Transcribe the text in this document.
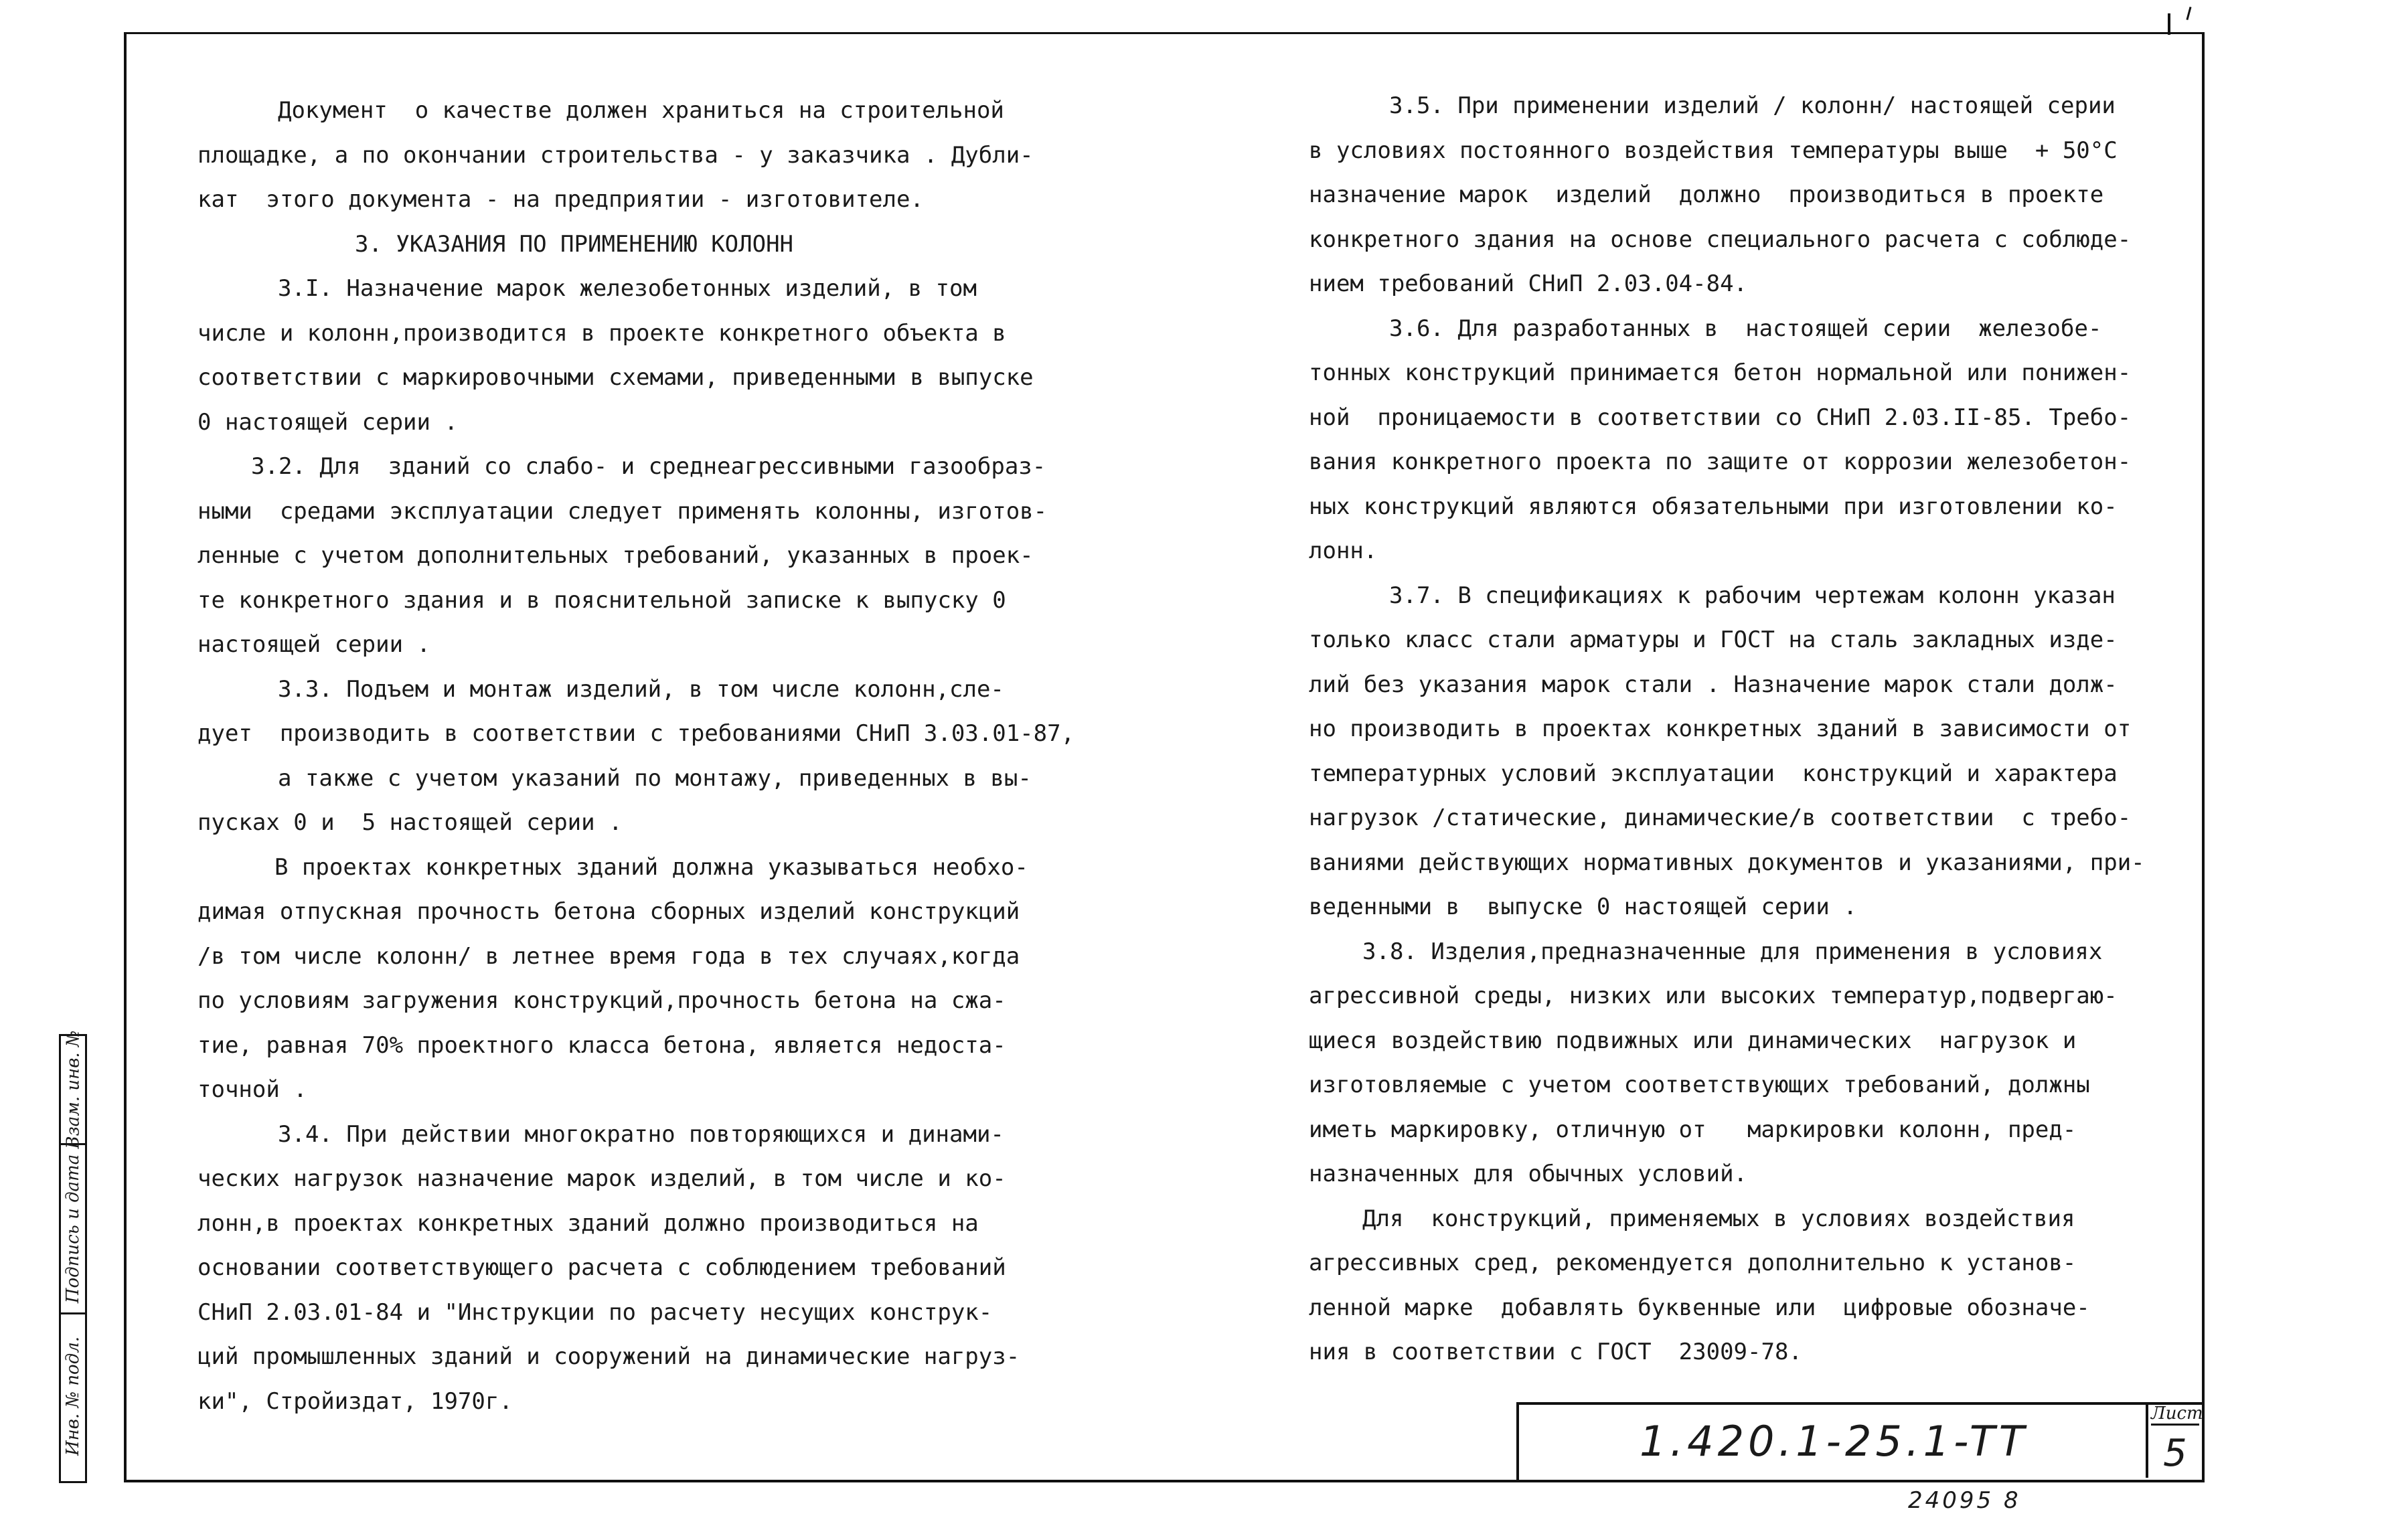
Документ  о качестве должен храниться на строительной
площадке, а по окончании строительства - у заказчика . Дубли-
кат  этого документа - на предприятии - изготовителе.
3. УКАЗАНИЯ ПО ПРИМЕНЕНИЮ КОЛОНН
3.I. Назначение марок железобетонных изделий, в том
числе и колонн,производится в проекте конкретного объекта в
соответствии с маркировочными схемами, приведенными в выпуске
0 настоящей серии .
3.2. Для  зданий со слабо- и среднеагрессивными газообраз-
ными  средами эксплуатации следует применять колонны, изготов-
ленные с учетом дополнительных требований, указанных в проек-
те конкретного здания и в пояснительной записке к выпуску 0
настоящей серии .
3.3. Подъем и монтаж изделий, в том числе колонн,сле-
дует  производить в соответствии с требованиями СНиП 3.03.01-87,
а также с учетом указаний по монтажу, приведенных в вы-
пусках 0 и  5 настоящей серии .
В проектах конкретных зданий должна указываться необхо-
димая отпускная прочность бетона сборных изделий конструкций
/в том числе колонн/ в летнее время года в тех случаях,когда
по условиям загружения конструкций,прочность бетона на сжа-
тие, равная 70% проектного класса бетона, является недоста-
точной .
3.4. При действии многократно повторяющихся и динами-
ческих нагрузок назначение марок изделий, в том числе и ко-
лонн,в проектах конкретных зданий должно производиться на
основании соответствующего расчета с соблюдением требований
СНиП 2.03.01-84 и "Инструкции по расчету несущих конструк-
ций промышленных зданий и сооружений на динамические нагруз-
ки", Стройиздат, 1970г.
3.5. При применении изделий / колонн/ настоящей серии
в условиях постоянного воздействия температуры выше  + 50°С
назначение марок  изделий  должно  производиться в проекте
конкретного здания на основе специального расчета с соблюде-
нием требований СНиП 2.03.04-84.
3.6. Для разработанных в  настоящей серии  железобе-
тонных конструкций принимается бетон нормальной или понижен-
ной  проницаемости в соответствии со СНиП 2.03.II-85. Требо-
вания конкретного проекта по защите от коррозии железобетон-
ных конструкций являются обязательными при изготовлении ко-
лонн.
3.7. В спецификациях к рабочим чертежам колонн указан
только класс стали арматуры и ГОСТ на сталь закладных изде-
лий без указания марок стали . Назначение марок стали долж-
но производить в проектах конкретных зданий в зависимости от
температурных условий эксплуатации  конструкций и характера
нагрузок /статические, динамические/в соответствии  с требо-
ваниями действующих нормативных документов и указаниями, при-
веденными в  выпуске 0 настоящей серии .
3.8. Изделия,предназначенные для применения в условиях
агрессивной среды, низких или высоких температур,подвергаю-
щиеся воздействию подвижных или динамических  нагрузок и
изготовляемые с учетом соответствующих требований, должны
иметь маркировку, отличную от   маркировки колонн, пред-
назначенных для обычных условий.
Для  конструкций, применяемых в условиях воздействия
агрессивных сред, рекомендуется дополнительно к установ-
ленной марке  добавлять буквенные или  цифровые обозначе-
ния в соответствии с ГОСТ  23009-78.
Взам. инв. №
Подпись и дата
Инв. № подл.	1.420.1-25.1-TT
Лист
5
24095 8
